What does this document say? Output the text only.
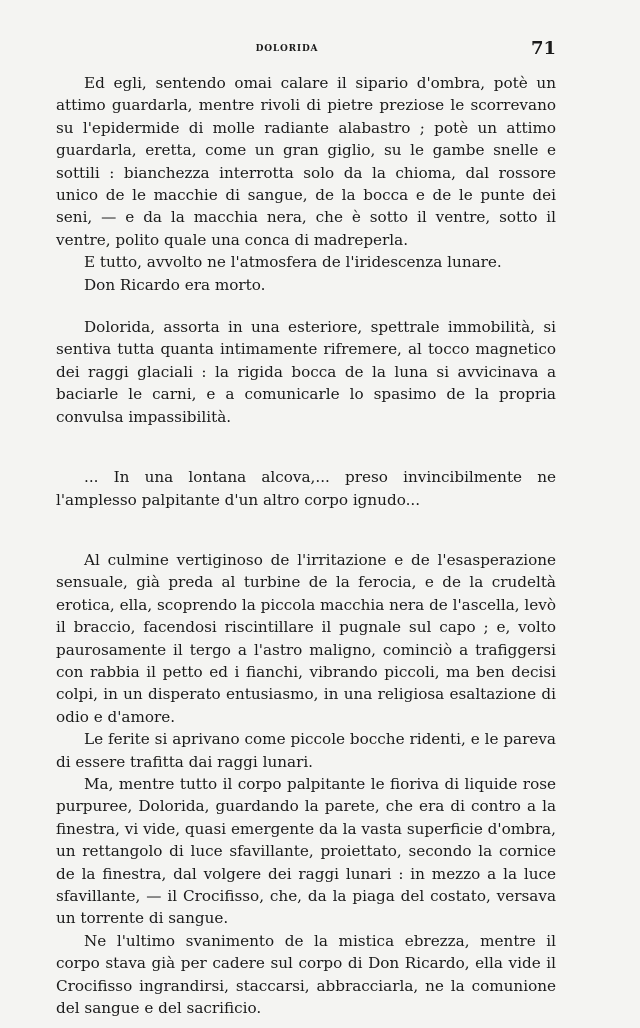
DOLORIDA	71

Ed egli, sentendo omai calare il sipario d'ombra, potè un attimo guardarla, mentre rivoli di pietre preziose le scorrevano su l'epidermide di molle radiante alabastro ; potè un attimo guardarla, eretta, come un gran giglio, su le gambe snelle e sottili : bianchezza interrotta solo da la chioma, dal rossore unico de le macchie di sangue, de la bocca e de le punte dei seni, — e da la macchia nera, che è sotto il ventre, sotto il ventre, polito quale una conca di madreperla.

E tutto, avvolto ne l'atmosfera de l'iridescenza lunare.

Don Ricardo era morto.

Dolorida, assorta in una esteriore, spettrale immobilità, si sentiva tutta quanta intimamente rifremere, al tocco magnetico dei raggi glaciali : la rigida bocca de la luna si avvicinava a baciarle le carni, e a comunicarle lo spasimo de la propria convulsa impassibilità.

... In una lontana alcova,... preso invincibilmente ne l'amplesso palpitante d'un altro corpo ignudo...

Al culmine vertiginoso de l'irritazione e de l'esasperazione sensuale, già preda al turbine de la ferocia, e de la crudeltà erotica, ella, scoprendo la piccola macchia nera de l'ascella, levò il braccio, facendosi riscintillare il pugnale sul capo ; e, volto paurosamente il tergo a l'astro maligno, cominciò a trafiggersi con rabbia il petto ed i fianchi, vibrando piccoli, ma ben decisi colpi, in un disperato entusiasmo, in una religiosa esaltazione di odio e d'amore.

Le ferite si aprivano come piccole bocche ridenti, e le pareva di essere trafitta dai raggi lunari.

Ma, mentre tutto il corpo palpitante le fioriva di liquide rose purpuree, Dolorida, guardando la parete, che era di contro a la finestra, vi vide, quasi emergente da la vasta superficie d'ombra, un rettangolo di luce sfavillante, proiettato, secondo la cornice de la finestra, dal volgere dei raggi lunari : in mezzo a la luce sfavillante, — il Crocifisso, che, da la piaga del costato, versava un torrente di sangue.

Ne l'ultimo svanimento de la mistica ebrezza, mentre il corpo stava già per cadere sul corpo di Don Ricardo, ella vide il Crocifisso ingrandirsi, staccarsi, abbracciarla, ne la comunione del sangue e del sacrificio.
